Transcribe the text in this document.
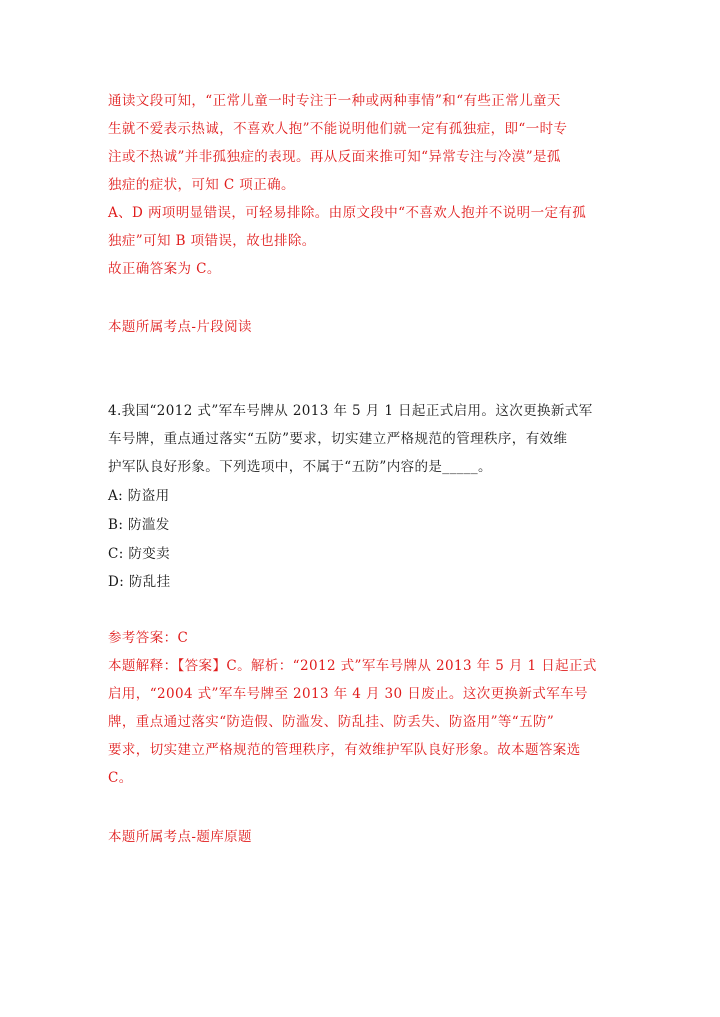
通读文段可知，“正常儿童一时专注于一种或两种事情”和“有些正常儿童天
生就不爱表示热诚，不喜欢人抱”不能说明他们就一定有孤独症，即“一时专
注或不热诚”并非孤独症的表现。再从反面来推可知“异常专注与冷漠”是孤
独症的症状，可知 C 项正确。
A、D 两项明显错误，可轻易排除。由原文段中“不喜欢人抱并不说明一定有孤
独症”可知 B 项错误，故也排除。
故正确答案为 C。
本题所属考点-片段阅读
4.我国“2012 式”军车号牌从 2013 年 5 月 1 日起正式启用。这次更换新式军
车号牌，重点通过落实“五防”要求，切实建立严格规范的管理秩序，有效维
护军队良好形象。下列选项中，不属于“五防”内容的是_____。
A: 防盗用
B: 防滥发
C: 防变卖
D: 防乱挂
参考答案：C
本题解释：【答案】C。解析：“2012 式”军车号牌从 2013 年 5 月 1 日起正式
启用，“2004 式”军车号牌至 2013 年 4 月 30 日废止。这次更换新式军车号
牌，重点通过落实“防造假、防滥发、防乱挂、防丢失、防盗用”等“五防”
要求，切实建立严格规范的管理秩序，有效维护军队良好形象。故本题答案选
C。
本题所属考点-题库原题
